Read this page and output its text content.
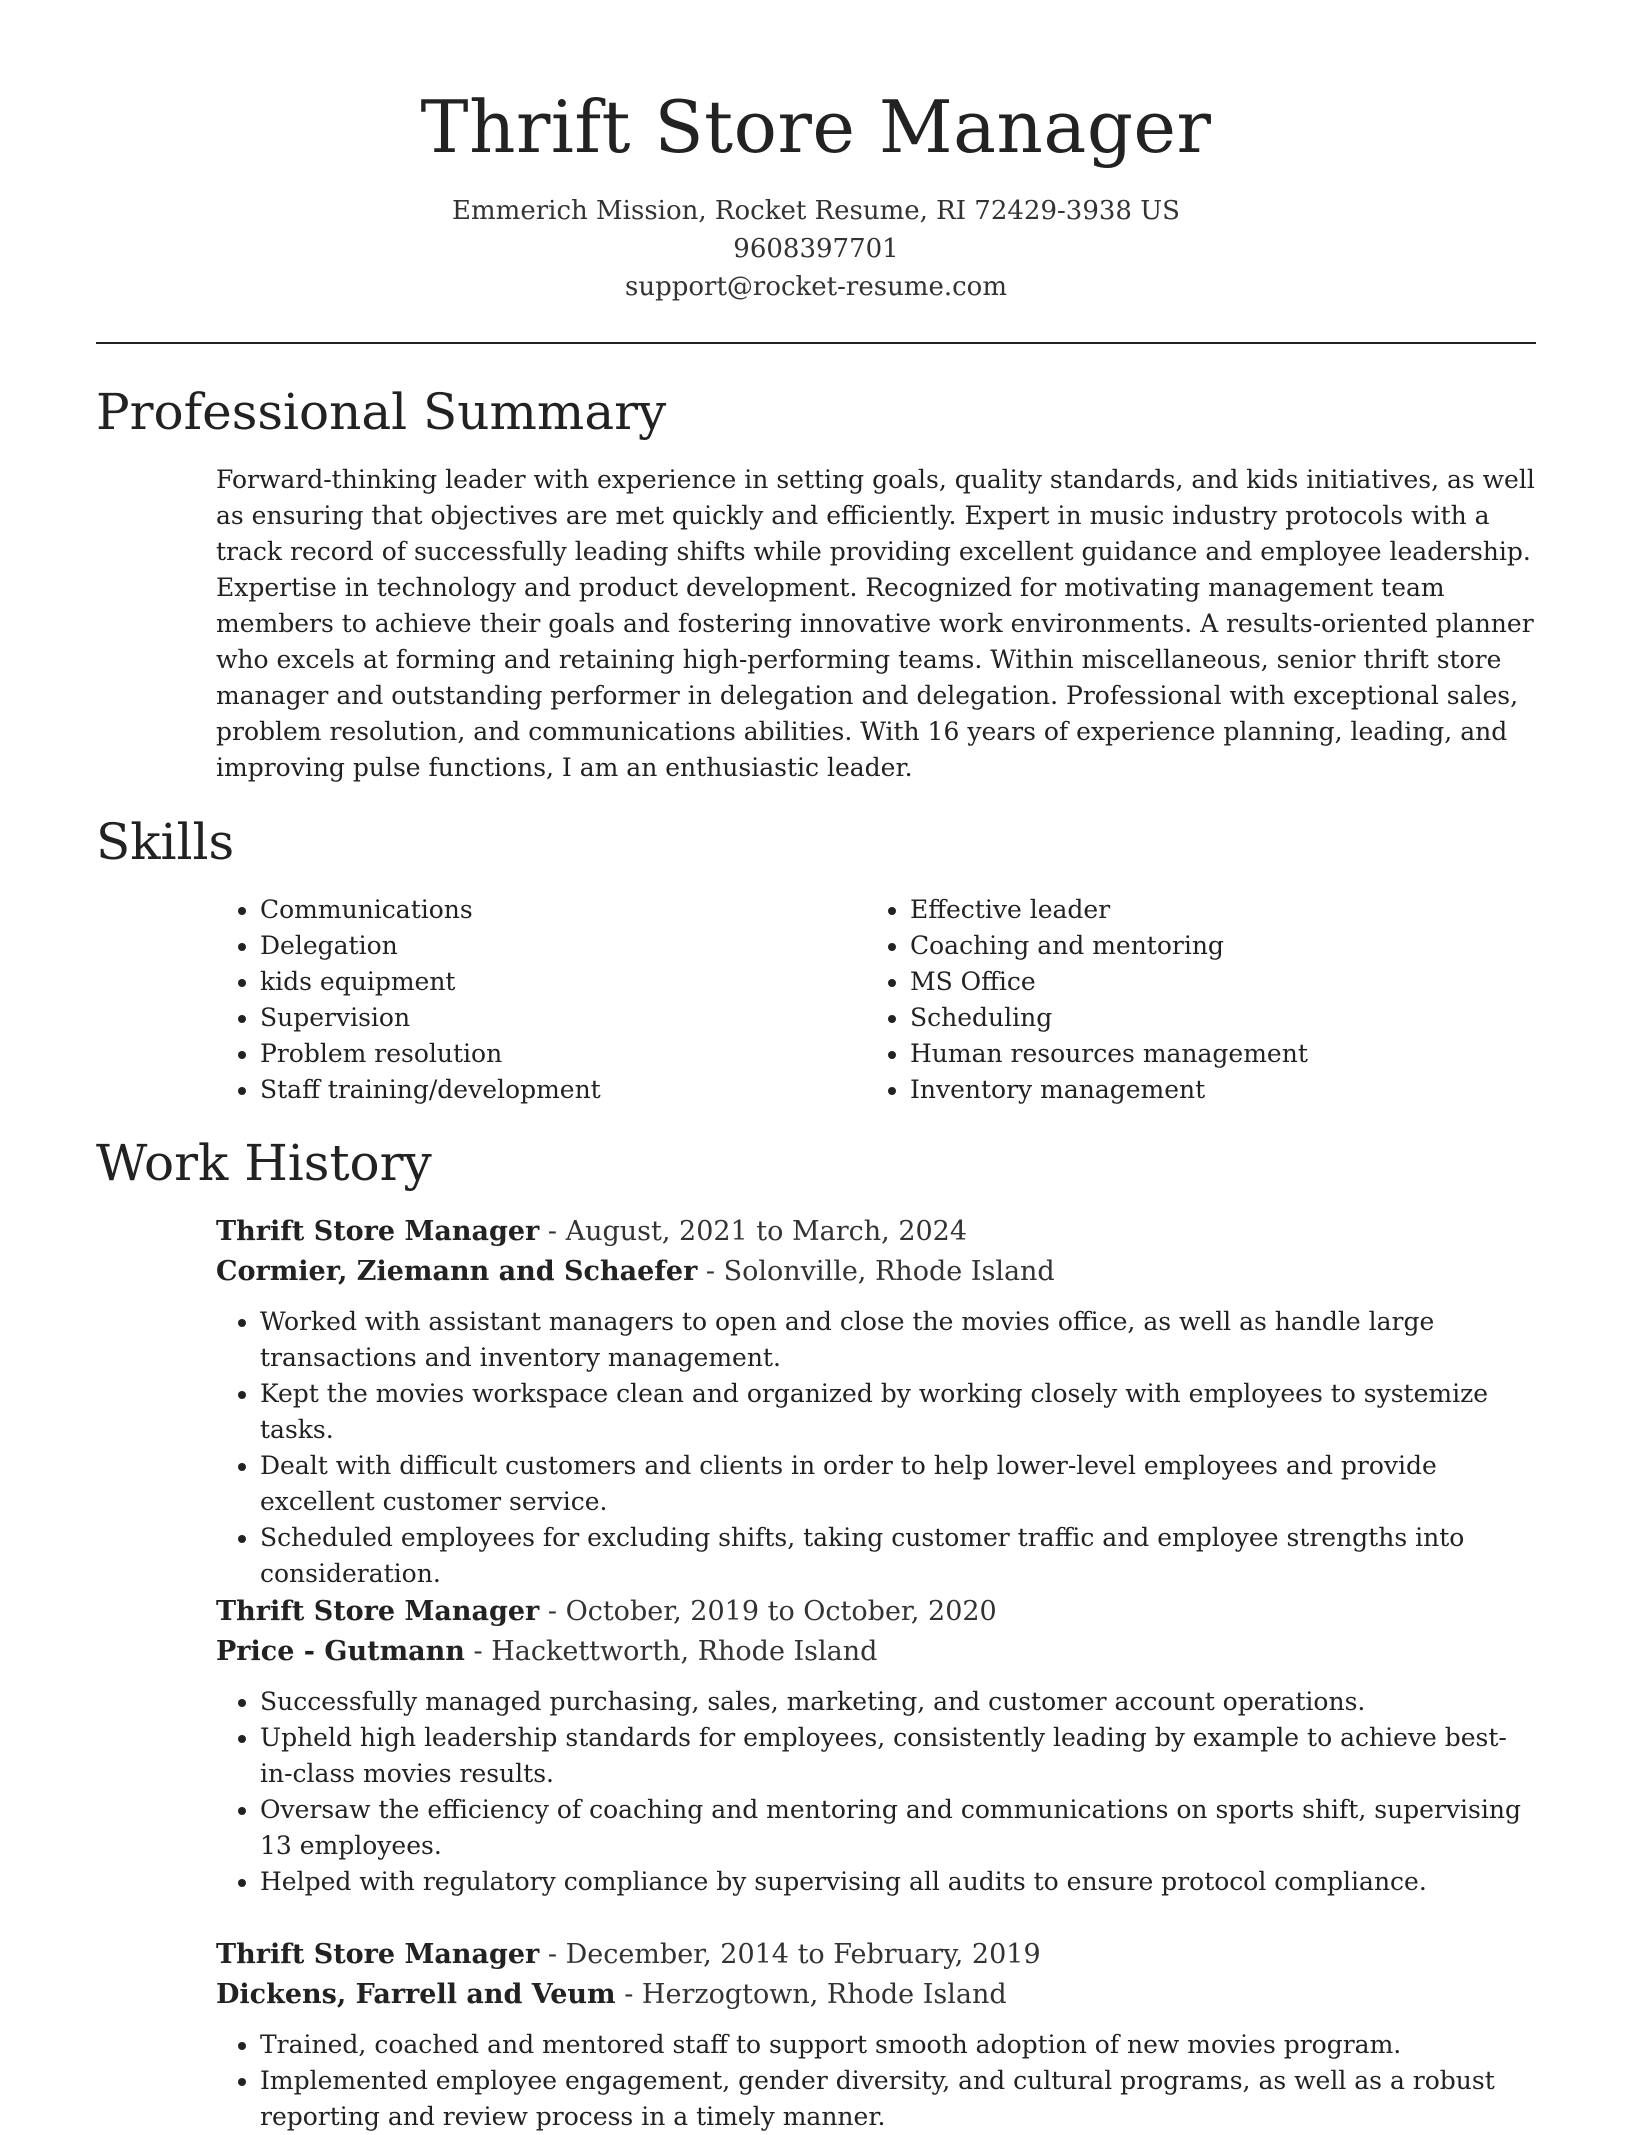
Thrift Store Manager
Emmerich Mission, Rocket Resume, RI 72429-3938 US
9608397701
support@rocket-resume.com
Professional Summary

Forward-thinking leader with experience in setting goals, quality standards, and kids initiatives, as well as ensuring that objectives are met quickly and efficiently. Expert in music industry protocols with a track record of successfully leading shifts while providing excellent guidance and employee leadership. Expertise in technology and product development. Recognized for motivating management team members to achieve their goals and fostering innovative work environments. A results-oriented planner who excels at forming and retaining high-performing teams. Within miscellaneous, senior thrift store manager and outstanding performer in delegation and delegation. Professional with exceptional sales, problem resolution, and communications abilities. With 16 years of experience planning, leading, and improving pulse functions, I am an enthusiastic leader.

Skills
• Communications
• Delegation
• kids equipment
• Supervision
• Problem resolution
• Staff training/development
• Effective leader
• Coaching and mentoring
• MS Office
• Scheduling
• Human resources management
• Inventory management
Work History
Thrift Store Manager - August, 2021 to March, 2024
Cormier, Ziemann and Schaefer - Solonville, Rhode Island
• Worked with assistant managers to open and close the movies office, as well as handle large transactions and inventory management.
• Kept the movies workspace clean and organized by working closely with employees to systemize tasks.
• Dealt with difficult customers and clients in order to help lower-level employees and provide excellent customer service.
• Scheduled employees for excluding shifts, taking customer traffic and employee strengths into consideration.
Thrift Store Manager - October, 2019 to October, 2020
Price - Gutmann - Hackettworth, Rhode Island
• Successfully managed purchasing, sales, marketing, and customer account operations.
• Upheld high leadership standards for employees, consistently leading by example to achieve best-in-class movies results.
• Oversaw the efficiency of coaching and mentoring and communications on sports shift, supervising 13 employees.
• Helped with regulatory compliance by supervising all audits to ensure protocol compliance.
Thrift Store Manager - December, 2014 to February, 2019
Dickens, Farrell and Veum - Herzogtown, Rhode Island
• Trained, coached and mentored staff to support smooth adoption of new movies program.
• Implemented employee engagement, gender diversity, and cultural programs, as well as a robust reporting and review process in a timely manner.
